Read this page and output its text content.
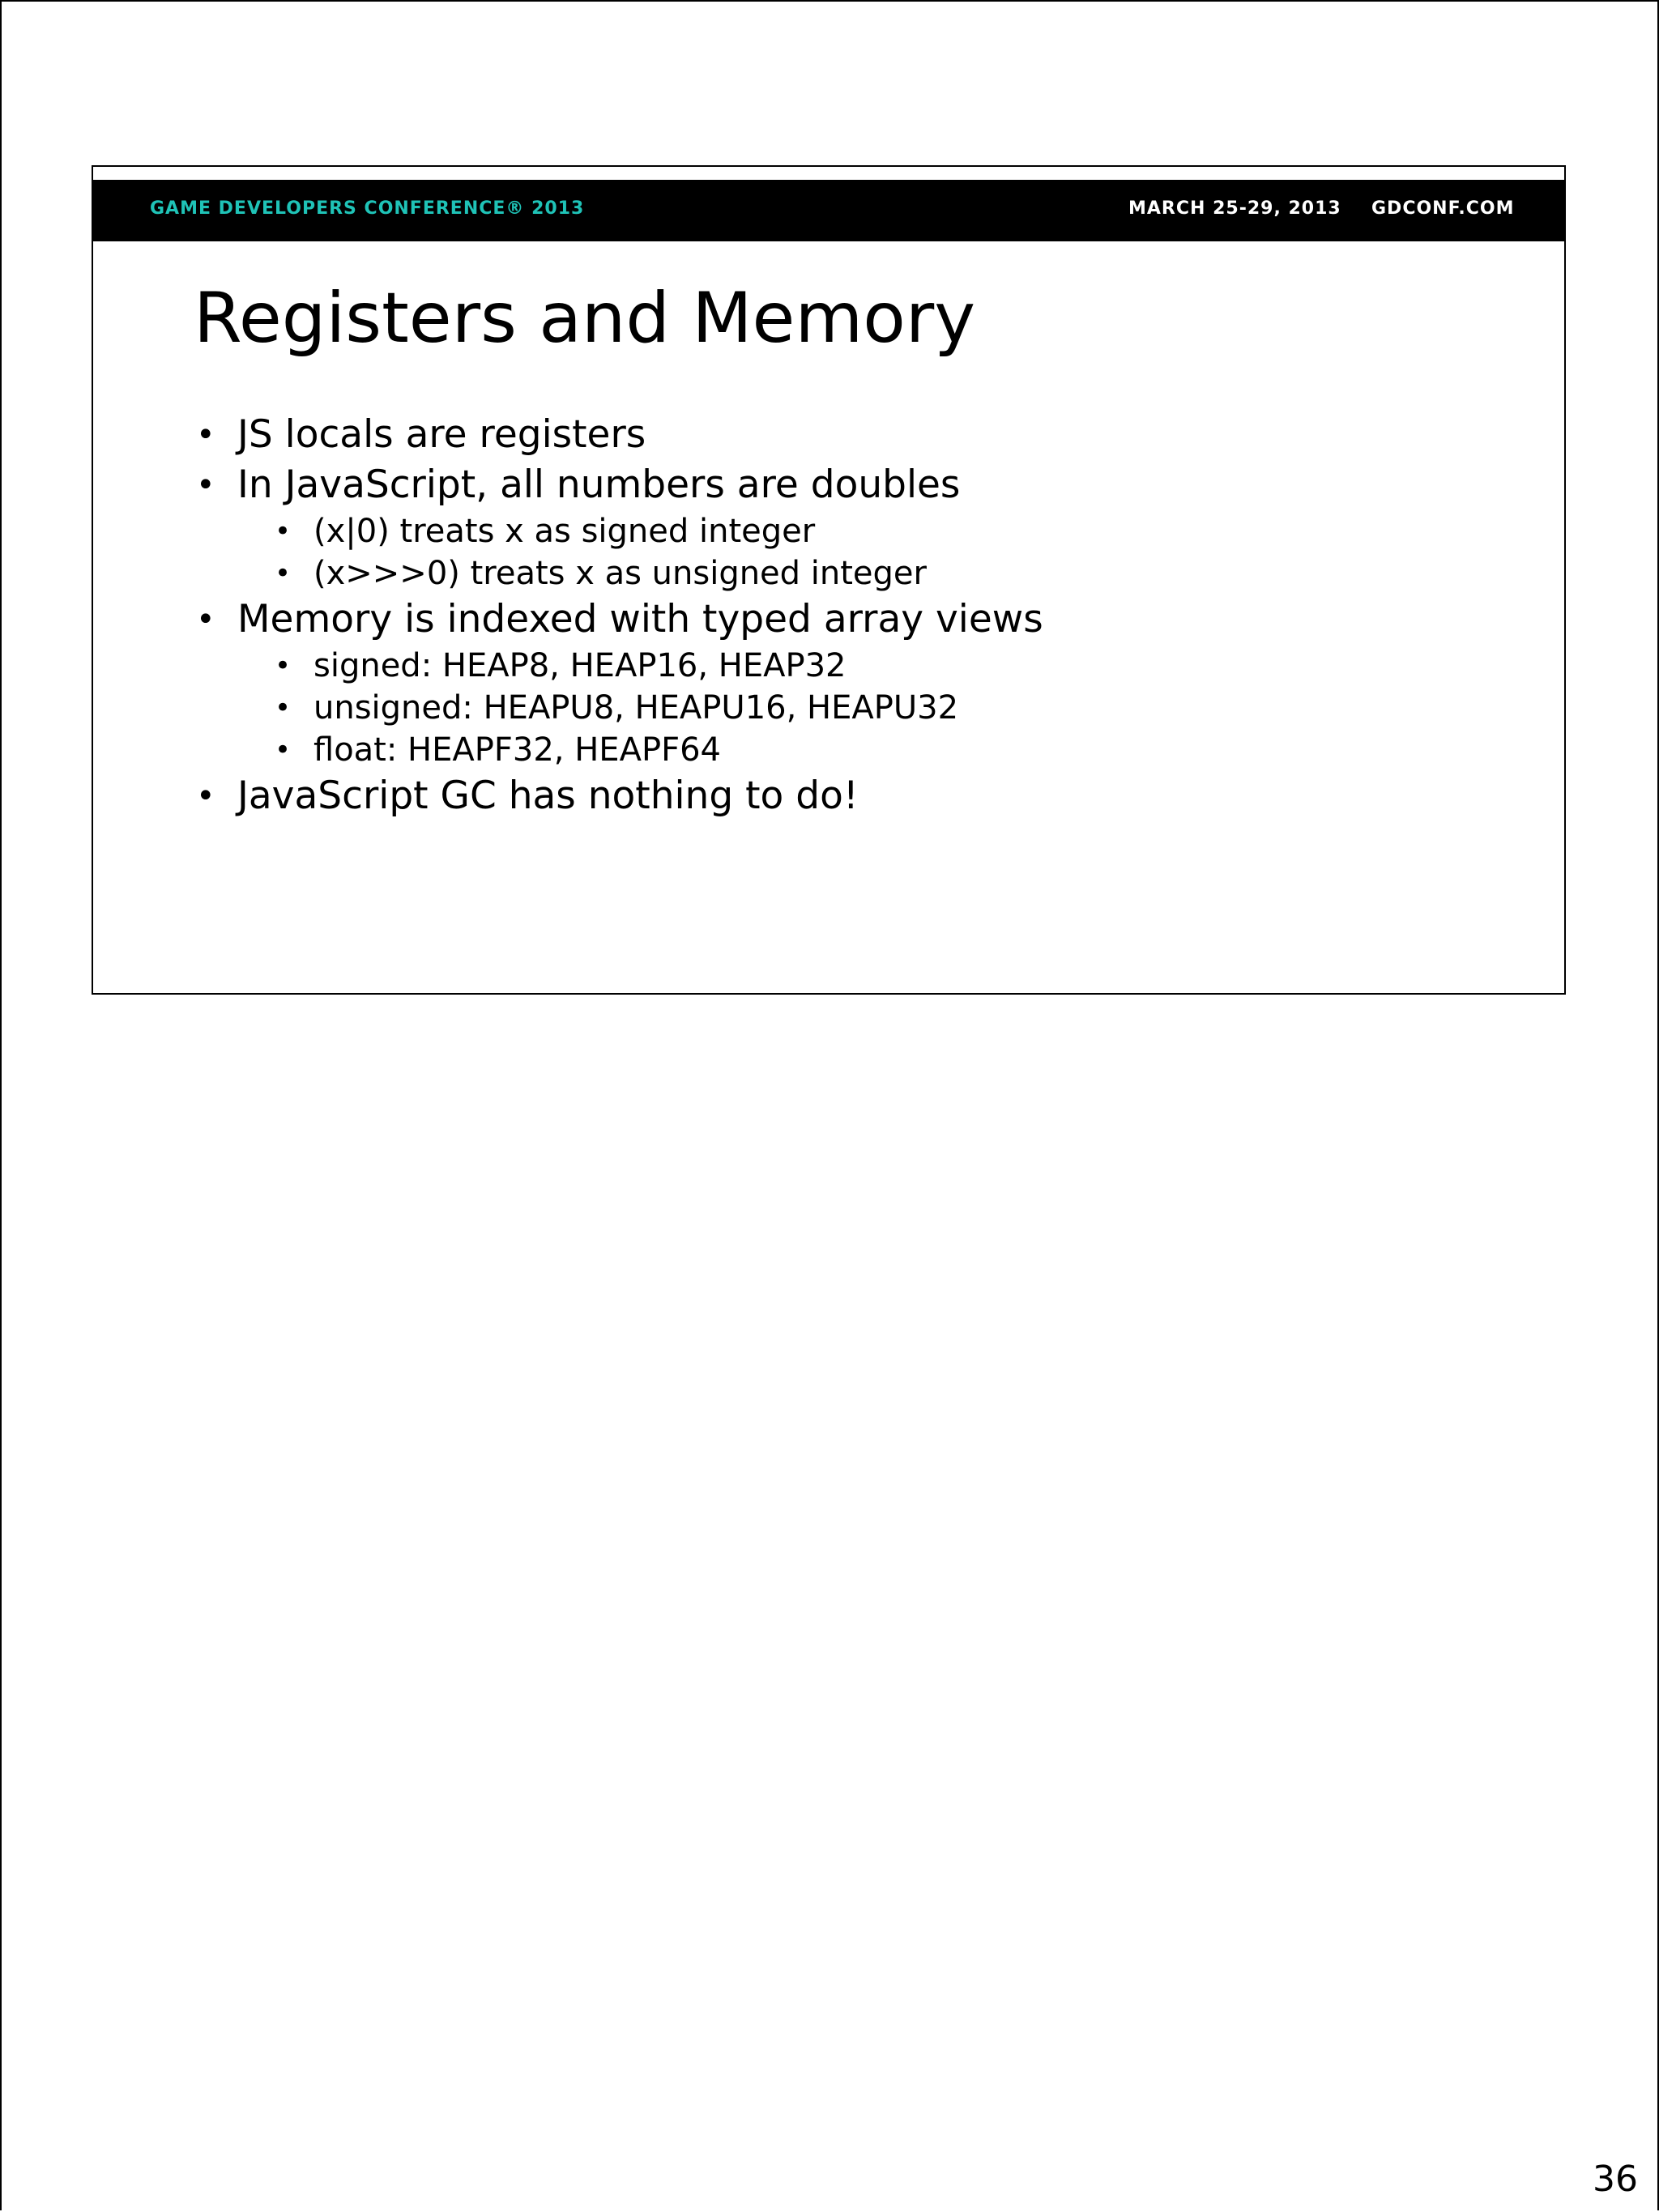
GAME DEVELOPERS CONFERENCE® 2013	MARCH 25-29, 2013 GDCONF.COM
Registers and Memory
• JS locals are registers
• In JavaScript, all numbers are doubles
• (x|0) treats x as signed integer
• (x>>>0) treats x as unsigned integer
• Memory is indexed with typed array views
• signed: HEAP8, HEAP16, HEAP32
• unsigned: HEAPU8, HEAPU16, HEAPU32
• float: HEAPF32, HEAPF64
• JavaScript GC has nothing to do!
36
